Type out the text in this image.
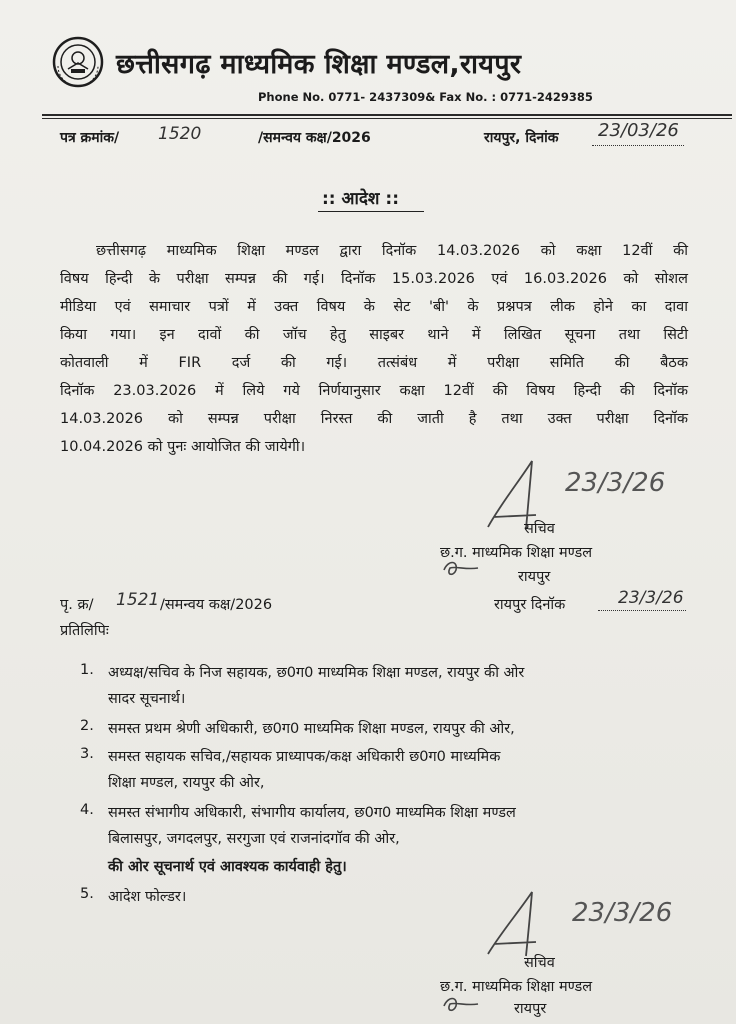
छत्तीसगढ़ माध्यमिक शिक्षा मण्डल,रायपुर
Phone No. 0771- 2437309& Fax No. : 0771-2429385
पत्र क्रमांक/ 1520	/समन्वय कक्ष/2026	रायपुर, दिनांक 23/03/26
:: आदेश ::
छत्तीसगढ़ माध्यमिक शिक्षा मण्डल द्वारा दिनॉक 14.03.2026 को कक्षा 12वीं की
विषय हिन्दी के परीक्षा सम्पन्न की गई। दिनॉक 15.03.2026 एवं 16.03.2026 को सोशल
मीडिया एवं समाचार पत्रों में उक्त विषय के सेट 'बी' के प्रश्नपत्र लीक होने का दावा
किया गया। इन दावों की जॉच हेतु साइबर थाने में लिखित सूचना तथा सिटी
कोतवाली में FIR दर्ज की गई। तत्संबंध में परीक्षा समिति की बैठक
दिनॉक 23.03.2026 में लिये गये निर्णयानुसार कक्षा 12वीं की विषय हिन्दी की दिनॉक
14.03.2026 को सम्पन्न परीक्षा निरस्त की जाती है तथा उक्त परीक्षा दिनॉक
10.04.2026 को पुनः आयोजित की जायेगी।
23/3/26
सचिव
छ.ग. माध्यमिक शिक्षा मण्डल
रायपुर
पृ. क्र/ 1521 /समन्वय कक्ष/2026	रायपुर दिनॉक	23/3/26
प्रतिलिपिः
1. अध्यक्ष/सचिव के निज सहायक, छ0ग0 माध्यमिक शिक्षा मण्डल, रायपुर की ओर
सादर सूचनार्थ।
2. समस्त प्रथम श्रेणी अधिकारी, छ0ग0 माध्यमिक शिक्षा मण्डल, रायपुर की ओर,
3. समस्त सहायक सचिव,/सहायक प्राध्यापक/कक्ष अधिकारी छ0ग0 माध्यमिक
शिक्षा मण्डल, रायपुर की ओर,
4. समस्त संभागीय अधिकारी, संभागीय कार्यालय, छ0ग0 माध्यमिक शिक्षा मण्डल
बिलासपुर, जगदलपुर, सरगुजा एवं राजनांदगॉव की ओर,
की ओर सूचनार्थ एवं आवश्यक कार्यवाही हेतु।
5. आदेश फोल्डर।
23/3/26
सचिव
छ.ग. माध्यमिक शिक्षा मण्डल
रायपुर
